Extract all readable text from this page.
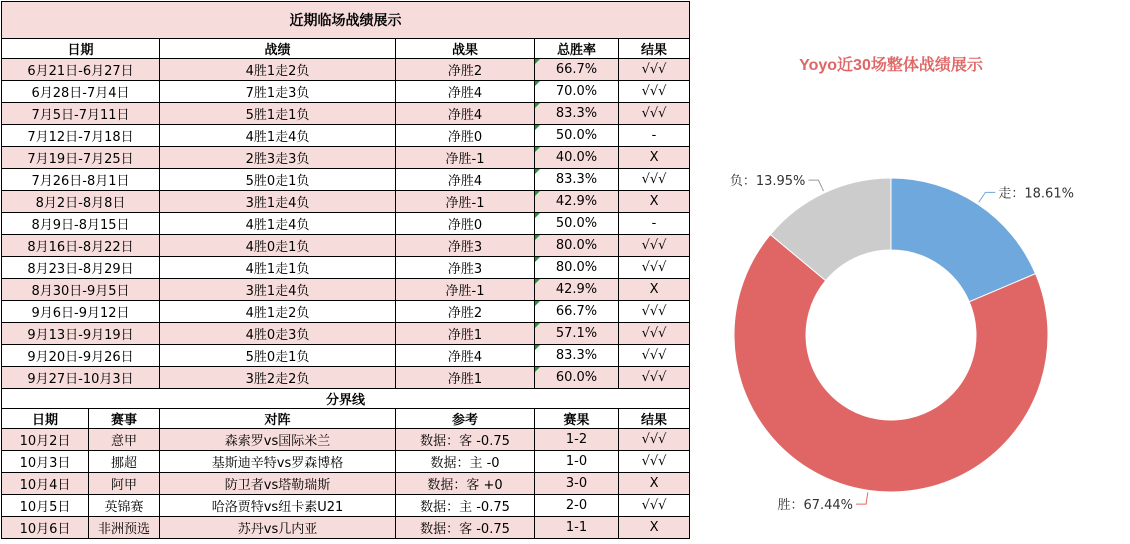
近期临场战绩展示					
日期		战绩	战果	总胜率	结果
6月21日-6月27日		4胜1走2负	净胜2	66.7%	√√√
6月28日-7月4日		7胜1走3负	净胜4	70.0%	√√√
7月5日-7月11日		5胜1走1负	净胜4	83.3%	√√√
7月12日-7月18日		4胜1走4负	净胜0	50.0%	-
7月19日-7月25日		2胜3走3负	净胜-1	40.0%	X
7月26日-8月1日		5胜0走1负	净胜4	83.3%	√√√
8月2日-8月8日		3胜1走4负	净胜-1	42.9%	X
8月9日-8月15日		4胜1走4负	净胜0	50.0%	-
8月16日-8月22日		4胜0走1负	净胜3	80.0%	√√√
8月23日-8月29日		4胜1走1负	净胜3	80.0%	√√√
8月30日-9月5日		3胜1走4负	净胜-1	42.9%	X
9月6日-9月12日		4胜1走2负	净胜2	66.7%	√√√
9月13日-9月19日		4胜0走3负	净胜1	57.1%	√√√
9月20日-9月26日		5胜0走1负	净胜4	83.3%	√√√
9月27日-10月3日		3胜2走2负	净胜1	60.0%	√√√
分界线					
日期	赛事	对阵	参考	赛果	结果
10月2日	意甲	森索罗vs国际米兰	数据：客 -0.75	1-2	√√√
10月3日	挪超	基斯迪辛特vs罗森博格	数据：主 -0	1-0	√√√
10月4日	阿甲	防卫者vs塔勒瑞斯	数据：客 +0	3-0	X
10月5日	英锦赛	哈洛贾特vs纽卡素U21	数据：主 -0.75	2-0	√√√
10月6日	非洲预选	苏丹vs几内亚	数据：客 -0.75	1-1	X
Yoyo近30场整体战绩展示
走：18.61%
胜：67.44%
负：13.95%
